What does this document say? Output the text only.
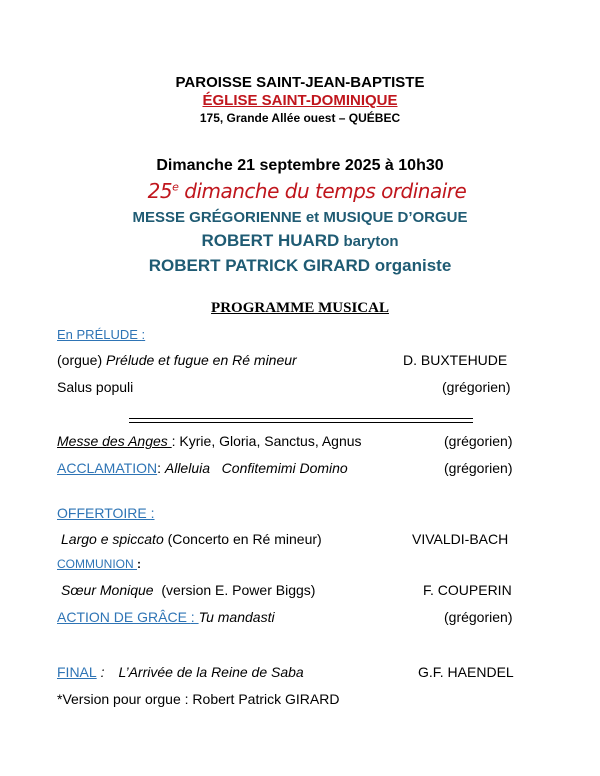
PAROISSE SAINT-JEAN-BAPTISTE
ÉGLISE SAINT-DOMINIQUE
175, Grande Allée ouest – QUÉBEC
Dimanche 21 septembre 2025 à 10h30
25e dimanche du temps ordinaire
MESSE GRÉGORIENNE et MUSIQUE D’ORGUE
ROBERT HUARD baryton
ROBERT PATRICK GIRARD organiste
PROGRAMME MUSICAL
En PRÉLUDE :
(orgue) Prélude et fugue en Ré mineur	D. BUXTEHUDE
Salus populi	(grégorien)
Messe des Anges : Kyrie, Gloria, Sanctus, Agnus	(grégorien)
ACCLAMATION: Alleluia   Confitemimi Domino	(grégorien)
OFFERTOIRE :
Largo e spiccato (Concerto en Ré mineur)	VIVALDI-BACH
COMMUNION :
Sœur Monique  (version E. Power Biggs)	F. COUPERIN
ACTION DE GRÂCE : Tu mandasti	(grégorien)
FINAL : L’Arrivée de la Reine de Saba	G.F. HAENDEL
*Version pour orgue : Robert Patrick GIRARD
